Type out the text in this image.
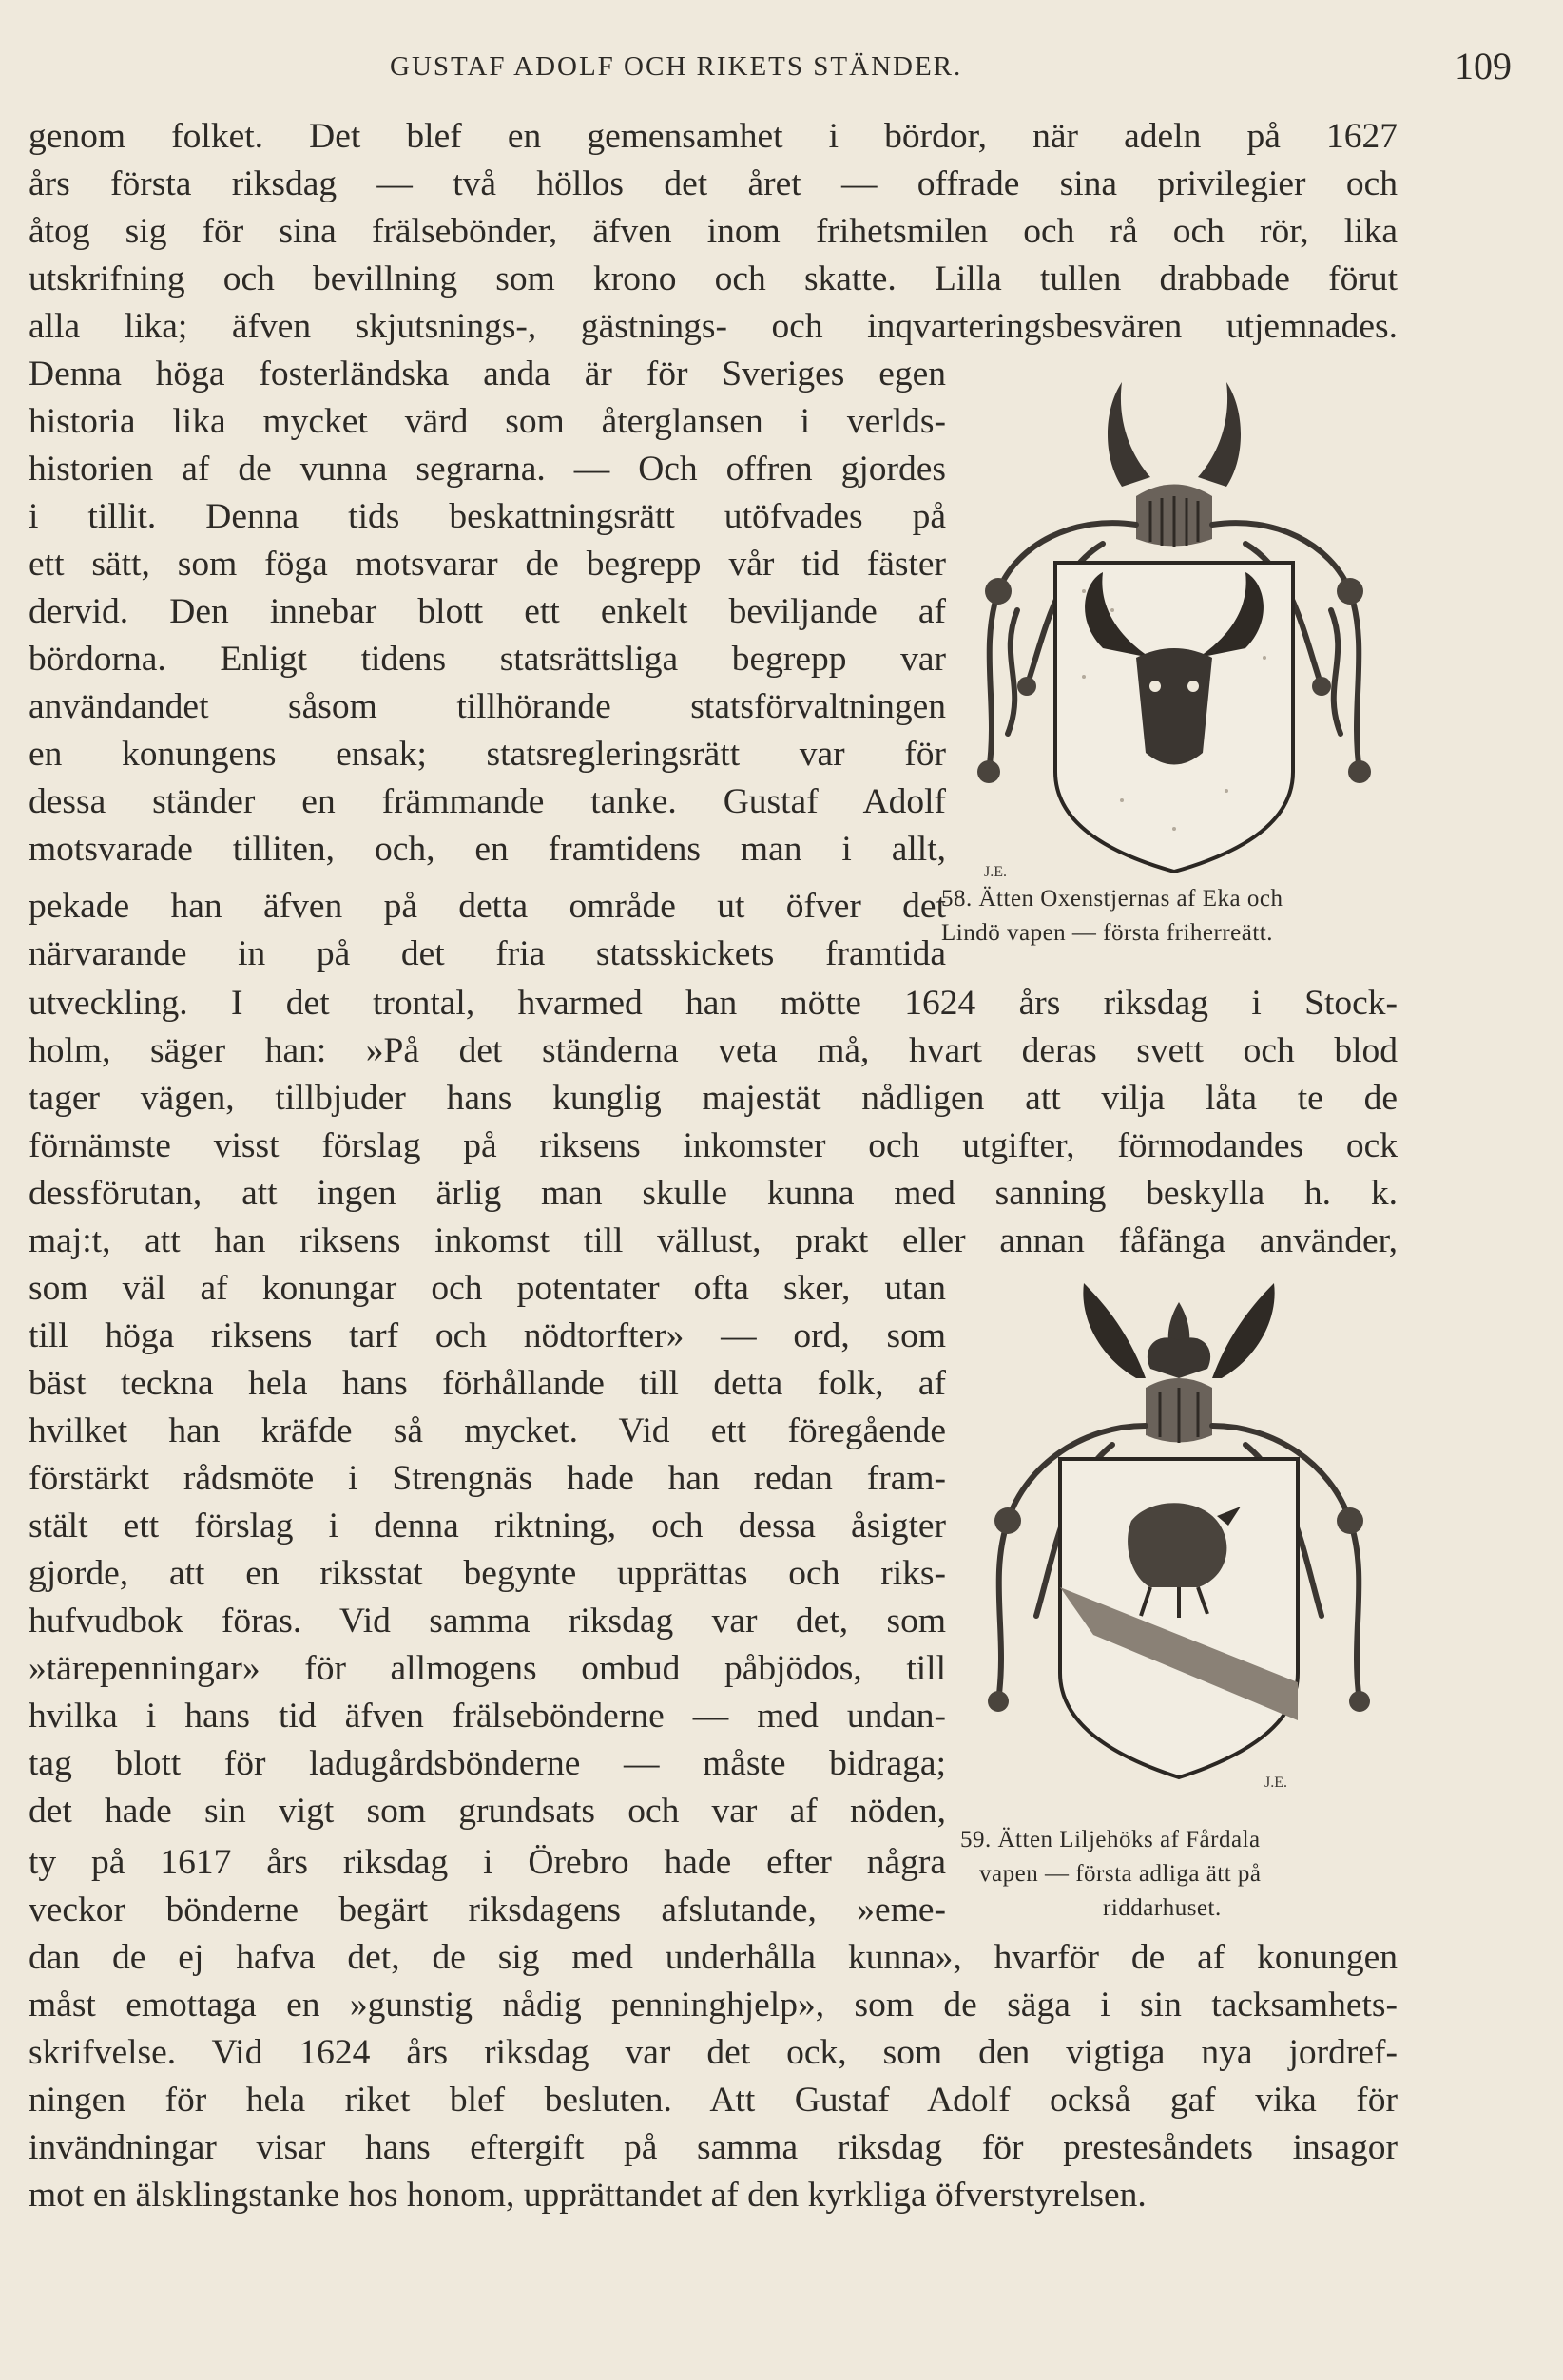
GUSTAF ADOLF OCH RIKETS STÄNDER.	109
genom folket. Det blef en gemensamhet i bördor, när adeln på 1627
års första riksdag — två höllos det året — offrade sina privilegier och
åtog sig för sina frälsebönder, äfven inom frihetsmilen och rå och rör, lika
utskrifning och bevillning som krono och skatte. Lilla tullen drabbade förut
alla lika; äfven skjutsnings-, gästnings- och inqvarteringsbesvären utjemnades.
Denna höga fosterländska anda är för Sveriges egen
historia lika mycket värd som återglansen i verlds-
historien af de vunna segrarna. — Och offren gjordes
i tillit. Denna tids beskattningsrätt utöfvades på
ett sätt, som föga motsvarar de begrepp vår tid fäster
dervid. Den innebar blott ett enkelt beviljande af
bördorna. Enligt tidens statsrättsliga begrepp var
användandet såsom tillhörande statsförvaltningen
en konungens ensak; statsregleringsrätt var för
dessa ständer en främmande tanke. Gustaf Adolf
motsvarade tilliten, och, en framtidens man i allt,
pekade han äfven på detta område ut öfver det
närvarande in på det fria statsskickets framtida
utveckling. I det trontal, hvarmed han mötte 1624 års riksdag i Stock-
holm, säger han: »På det ständerna veta må, hvart deras svett och blod
tager vägen, tillbjuder hans kunglig majestät nådligen att vilja låta te de
förnämste visst förslag på riksens inkomster och utgifter, förmodandes ock
dessförutan, att ingen ärlig man skulle kunna med sanning beskylla h. k.
maj:t, att han riksens inkomst till vällust, prakt eller annan fåfänga använder,
som väl af konungar och potentater ofta sker, utan
till höga riksens tarf och nödtorfter» — ord, som
bäst teckna hela hans förhållande till detta folk, af
hvilket han kräfde så mycket. Vid ett föregående
förstärkt rådsmöte i Strengnäs hade han redan fram-
stält ett förslag i denna riktning, och dessa åsigter
gjorde, att en riksstat begynte upprättas och riks-
hufvudbok föras. Vid samma riksdag var det, som
»tärepenningar» för allmogens ombud påbjödos, till
hvilka i hans tid äfven frälsebönderne — med undan-
tag blott för ladugårdsbönderne — måste bidraga;
det hade sin vigt som grundsats och var af nöden,
ty på 1617 års riksdag i Örebro hade efter några
veckor bönderne begärt riksdagens afslutande, »eme-
dan de ej hafva det, de sig med underhålla kunna», hvarför de af konungen
måst emottaga en »gunstig nådig penninghjelp», som de säga i sin tacksamhets-
skrifvelse. Vid 1624 års riksdag var det ock, som den vigtiga nya jordref-
ningen för hela riket blef besluten. Att Gustaf Adolf också gaf vika för
invändningar visar hans eftergift på samma riksdag för prestesåndets insagor
mot en älsklingstanke hos honom, upprättandet af den kyrkliga öfverstyrelsen.
J.E.
58. Ätten Oxenstjernas af Eka och
Lindö vapen — första friherreätt.
J.E.
59. Ätten Liljehöks af Fårdala
vapen — första adliga ätt på
riddarhuset.
